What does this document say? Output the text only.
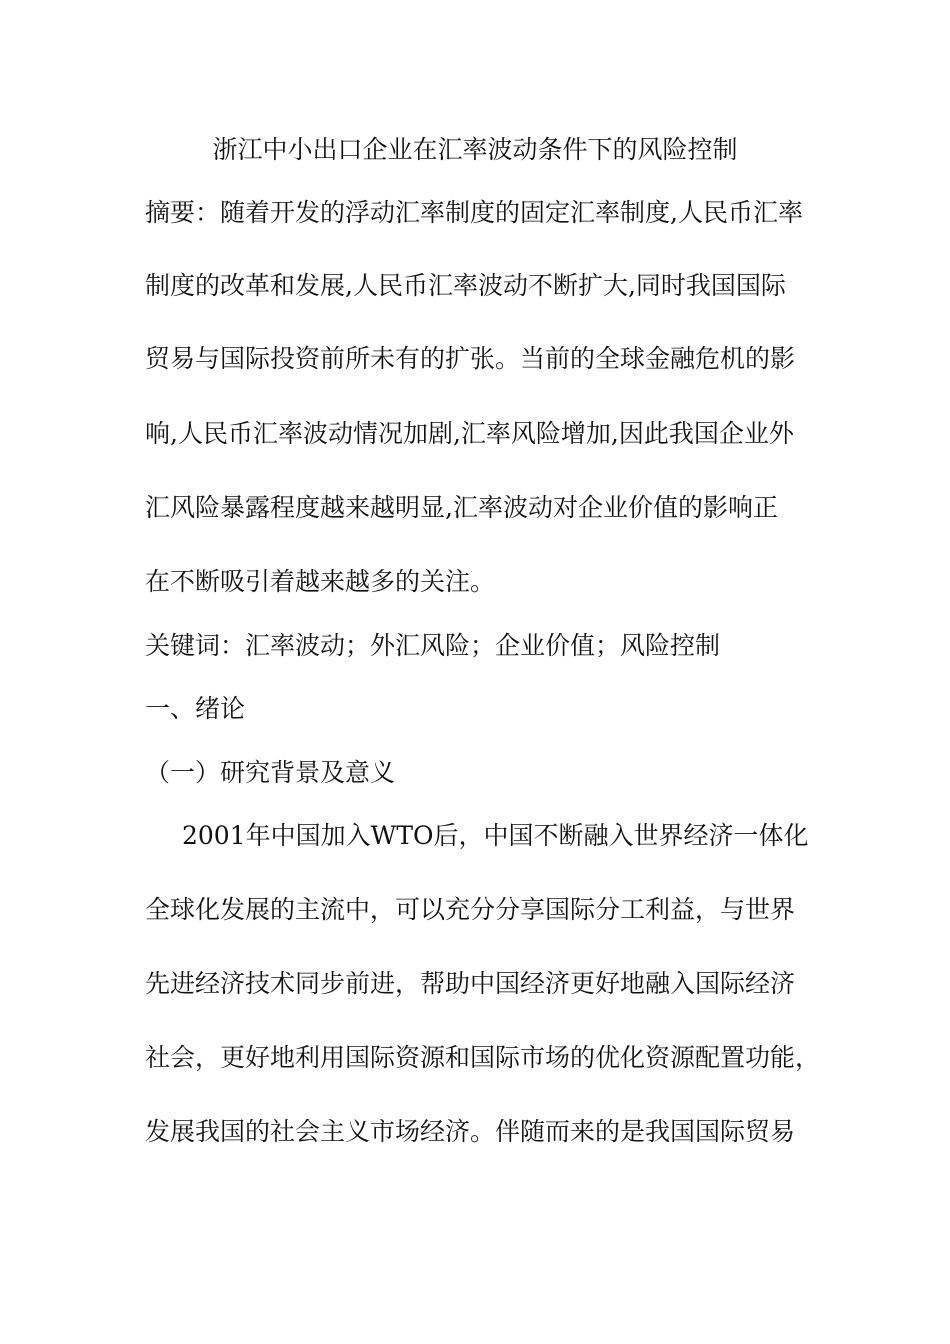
浙江中小出口企业在汇率波动条件下的风险控制
摘要：随着开发的浮动汇率制度的固定汇率制度,人民币汇率
制度的改革和发展,人民币汇率波动不断扩大,同时我国国际
贸易与国际投资前所未有的扩张。当前的全球金融危机的影
响,人民币汇率波动情况加剧,汇率风险增加,因此我国企业外
汇风险暴露程度越来越明显,汇率波动对企业价值的影响正
在不断吸引着越来越多的关注。
关键词：汇率波动；外汇风险；企业价值；风险控制
一、绪论
（一）研究背景及意义
2001年中国加入WTO后，中国不断融入世界经济一体化
全球化发展的主流中，可以充分分享国际分工利益，与世界
先进经济技术同步前进，帮助中国经济更好地融入国际经济
社会，更好地利用国际资源和国际市场的优化资源配置功能，
发展我国的社会主义市场经济。伴随而来的是我国国际贸易
